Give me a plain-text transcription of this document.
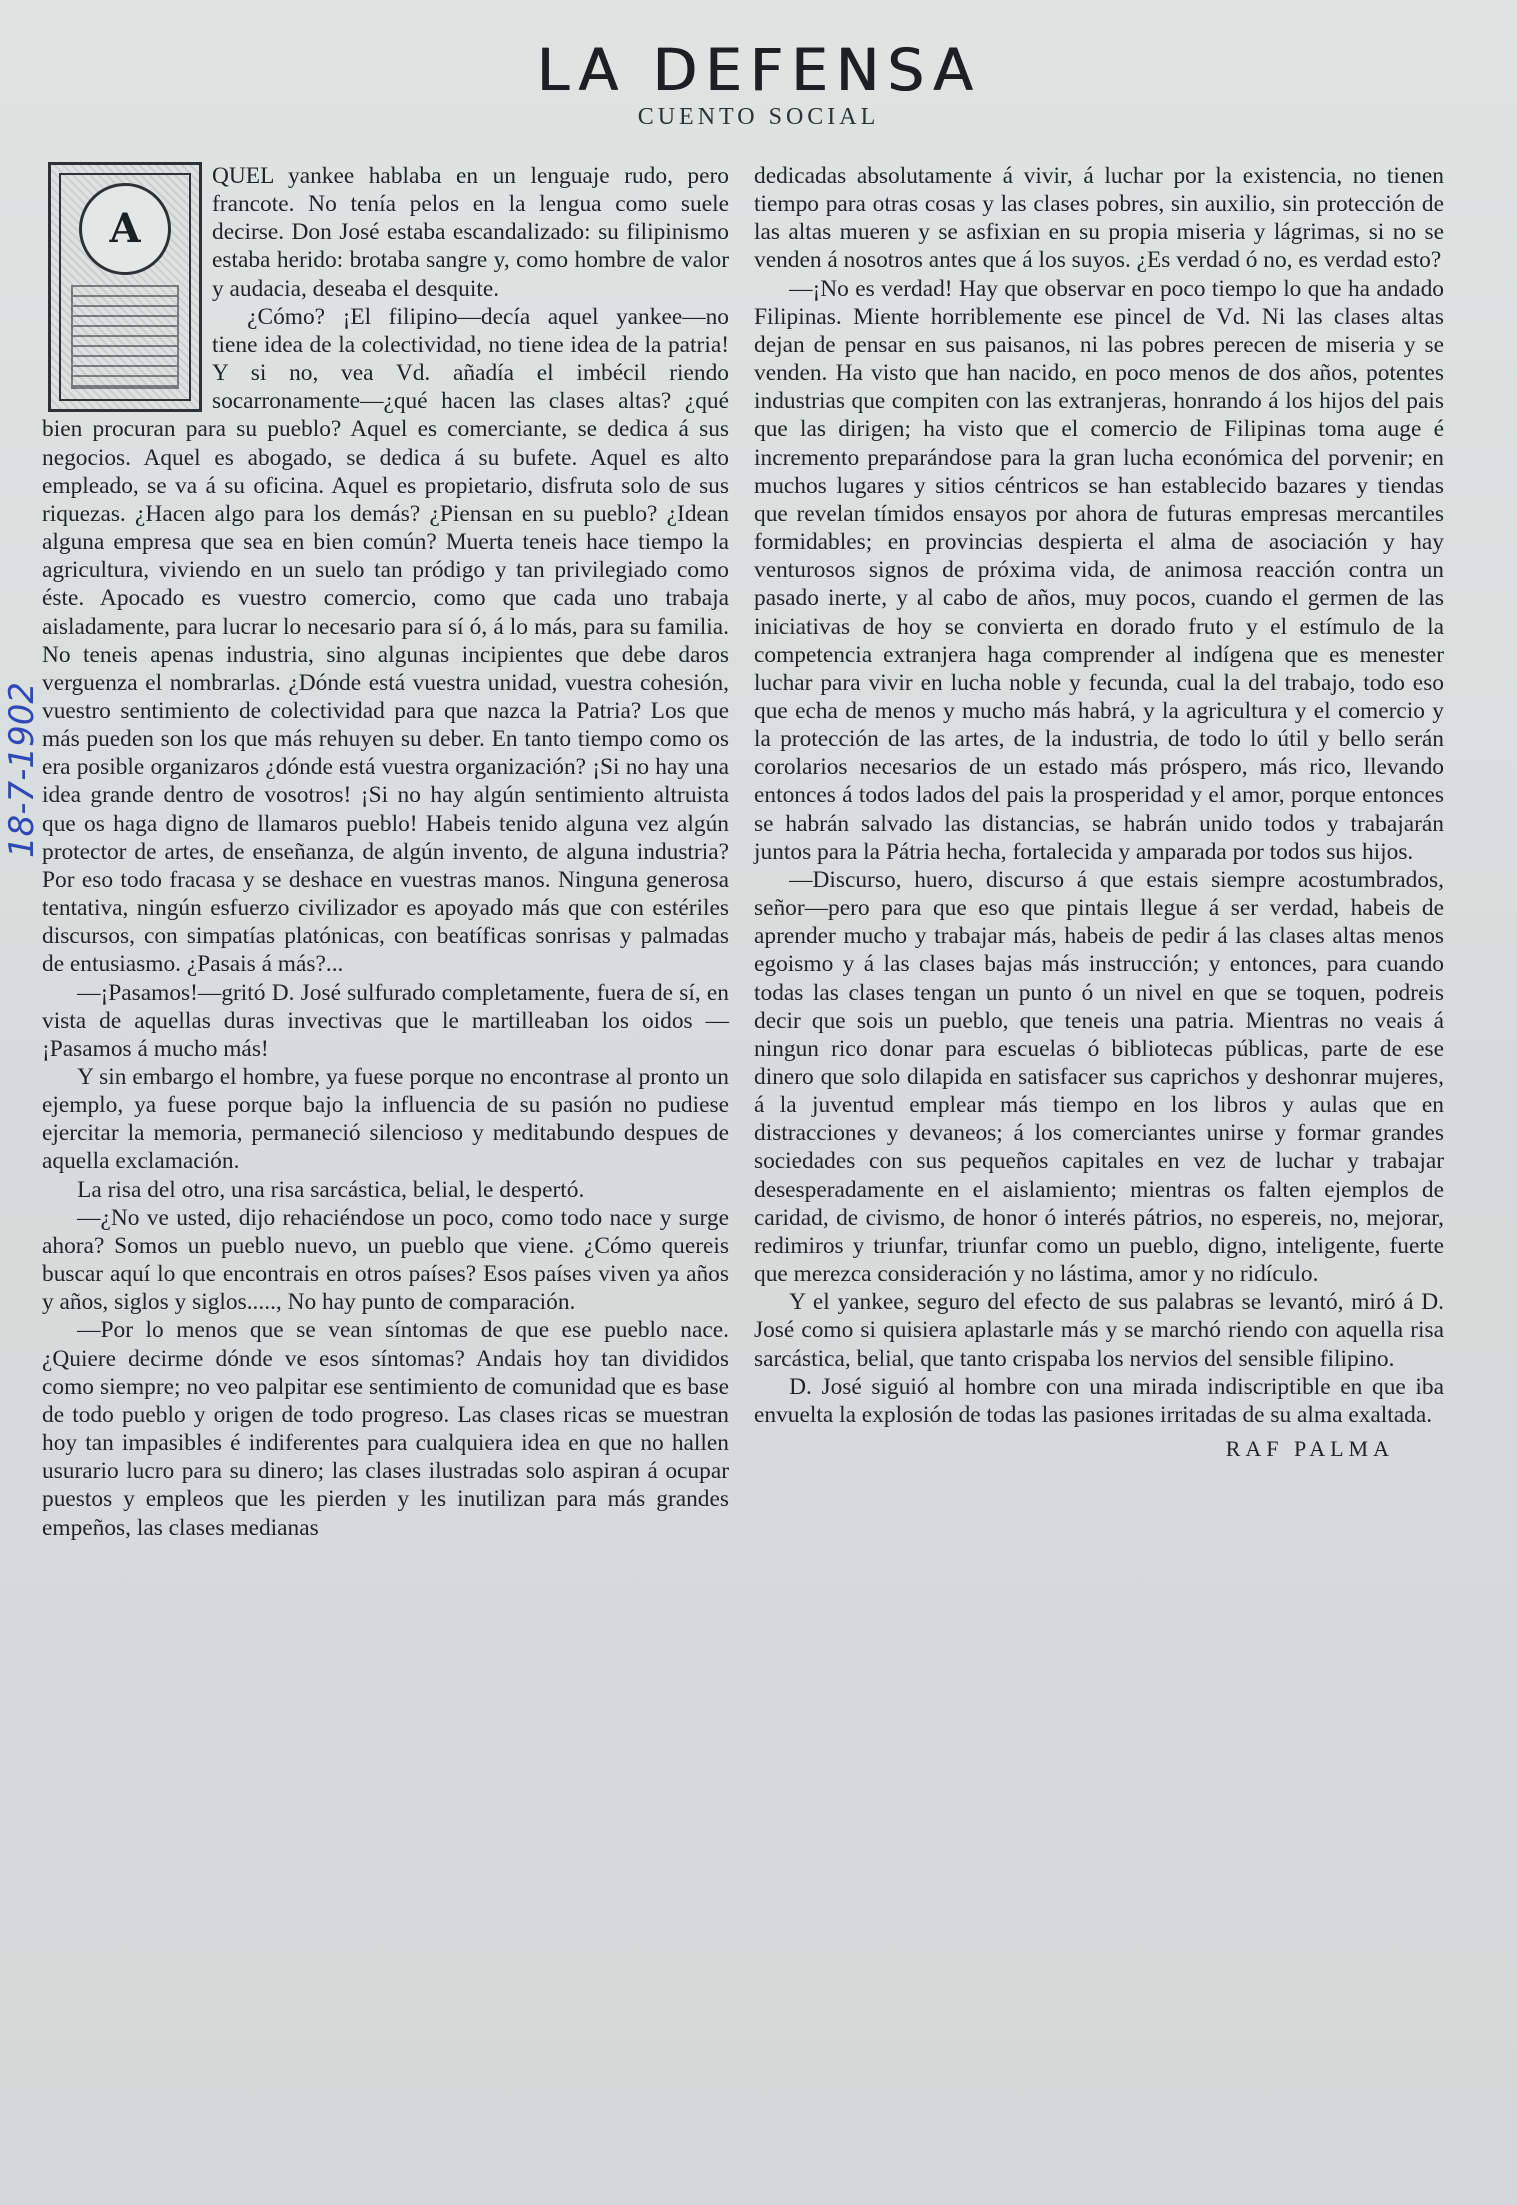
LA DEFENSA
CUENTO SOCIAL
18-7-1902
A

QUEL yankee hablaba en un lenguaje rudo, pero francote. No tenía pelos en la lengua como suele decirse. Don José estaba escandalizado: su filipinismo estaba herido: brotaba sangre y, como hombre de valor y audacia, deseaba el desquite.

¿Cómo? ¡El filipino—decía aquel yankee—no tiene idea de la colectividad, no tiene idea de la patria! Y si no, vea Vd. añadía el imbécil riendo socarronamente—¿qué hacen las clases altas? ¿qué bien procuran para su pueblo? Aquel es comerciante, se dedica á sus negocios. Aquel es abogado, se dedica á su bufete. Aquel es alto empleado, se va á su oficina. Aquel es propietario, disfruta solo de sus riquezas. ¿Hacen algo para los demás? ¿Piensan en su pueblo? ¿Idean alguna empresa que sea en bien común? Muerta teneis hace tiempo la agricultura, viviendo en un suelo tan pródigo y tan privilegiado como éste. Apocado es vuestro comercio, como que cada uno trabaja aisladamente, para lucrar lo necesario para sí ó, á lo más, para su familia. No teneis apenas industria, sino algunas incipientes que debe daros verguenza el nombrarlas. ¿Dónde está vuestra unidad, vuestra cohesión, vuestro sentimiento de colectividad para que nazca la Patria? Los que más pueden son los que más rehuyen su deber. En tanto tiempo como os era posible organizaros ¿dónde está vuestra organización? ¡Si no hay una idea grande dentro de vosotros! ¡Si no hay algún sentimiento altruista que os haga digno de llamaros pueblo! Habeis tenido alguna vez algún protector de artes, de enseñanza, de algún invento, de alguna industria? Por eso todo fracasa y se deshace en vuestras manos. Ninguna generosa tentativa, ningún esfuerzo civilizador es apoyado más que con estériles discursos, con simpatías platónicas, con beatíficas sonrisas y palmadas de entusiasmo. ¿Pasais á más?...

—¡Pasamos!—gritó D. José sulfurado completamente, fuera de sí, en vista de aquellas duras invectivas que le martilleaban los oidos —¡Pasamos á mucho más!

Y sin embargo el hombre, ya fuese porque no encontrase al pronto un ejemplo, ya fuese porque bajo la influencia de su pasión no pudiese ejercitar la memoria, permaneció silencioso y meditabundo despues de aquella exclamación.

La risa del otro, una risa sarcástica, belial, le despertó.

—¿No ve usted, dijo rehaciéndose un poco, como todo nace y surge ahora? Somos un pueblo nuevo, un pueblo que viene. ¿Cómo quereis buscar aquí lo que encontrais en otros países? Esos países viven ya años y años, siglos y siglos....., No hay punto de comparación.

—Por lo menos que se vean síntomas de que ese pueblo nace. ¿Quiere decirme dónde ve esos síntomas? Andais hoy tan divididos como siempre; no veo palpitar ese sentimiento de comunidad que es base de todo pueblo y origen de todo progreso. Las clases ricas se muestran hoy tan impasibles é indiferentes para cualquiera idea en que no hallen usurario lucro para su dinero; las clases ilustradas solo aspiran á ocupar puestos y empleos que les pierden y les inutilizan para más grandes empeños, las clases medianas

dedicadas absolutamente á vivir, á luchar por la existencia, no tienen tiempo para otras cosas y las clases pobres, sin auxilio, sin protección de las altas mueren y se asfixian en su propia miseria y lágrimas, si no se venden á nosotros antes que á los suyos. ¿Es verdad ó no, es verdad esto?

—¡No es verdad! Hay que observar en poco tiempo lo que ha andado Filipinas. Miente horriblemente ese pincel de Vd. Ni las clases altas dejan de pensar en sus paisanos, ni las pobres perecen de miseria y se venden. Ha visto que han nacido, en poco menos de dos años, potentes industrias que compiten con las extranjeras, honrando á los hijos del pais que las dirigen; ha visto que el comercio de Filipinas toma auge é incremento preparándose para la gran lucha económica del porvenir; en muchos lugares y sitios céntricos se han establecido bazares y tiendas que revelan tímidos ensayos por ahora de futuras empresas mercantiles formidables; en provincias despierta el alma de asociación y hay venturosos signos de próxima vida, de animosa reacción contra un pasado inerte, y al cabo de años, muy pocos, cuando el germen de las iniciativas de hoy se convierta en dorado fruto y el estímulo de la competencia extranjera haga comprender al indígena que es menester luchar para vivir en lucha noble y fecunda, cual la del trabajo, todo eso que echa de menos y mucho más habrá, y la agricultura y el comercio y la protección de las artes, de la industria, de todo lo útil y bello serán corolarios necesarios de un estado más próspero, más rico, llevando entonces á todos lados del pais la prosperidad y el amor, porque entonces se habrán salvado las distancias, se habrán unido todos y trabajarán juntos para la Pátria hecha, fortalecida y amparada por todos sus hijos.

—Discurso, huero, discurso á que estais siempre acostumbrados, señor—pero para que eso que pintais llegue á ser verdad, habeis de aprender mucho y trabajar más, habeis de pedir á las clases altas menos egoismo y á las clases bajas más instrucción; y entonces, para cuando todas las clases tengan un punto ó un nivel en que se toquen, podreis decir que sois un pueblo, que teneis una patria. Mientras no veais á ningun rico donar para escuelas ó bibliotecas públicas, parte de ese dinero que solo dilapida en satisfacer sus caprichos y deshonrar mujeres, á la juventud emplear más tiempo en los libros y aulas que en distracciones y devaneos; á los comerciantes unirse y formar grandes sociedades con sus pequeños capitales en vez de luchar y trabajar desesperadamente en el aislamiento; mientras os falten ejemplos de caridad, de civismo, de honor ó interés pátrios, no espereis, no, mejorar, redimiros y triunfar, triunfar como un pueblo, digno, inteligente, fuerte que merezca consideración y no lástima, amor y no ridículo.

Y el yankee, seguro del efecto de sus palabras se levantó, miró á D. José como si quisiera aplastarle más y se marchó riendo con aquella risa sarcástica, belial, que tanto crispaba los nervios del sensible filipino.

D. José siguió al hombre con una mirada indiscriptible en que iba envuelta la explosión de todas las pasiones irritadas de su alma exaltada.

RAF PALMA
